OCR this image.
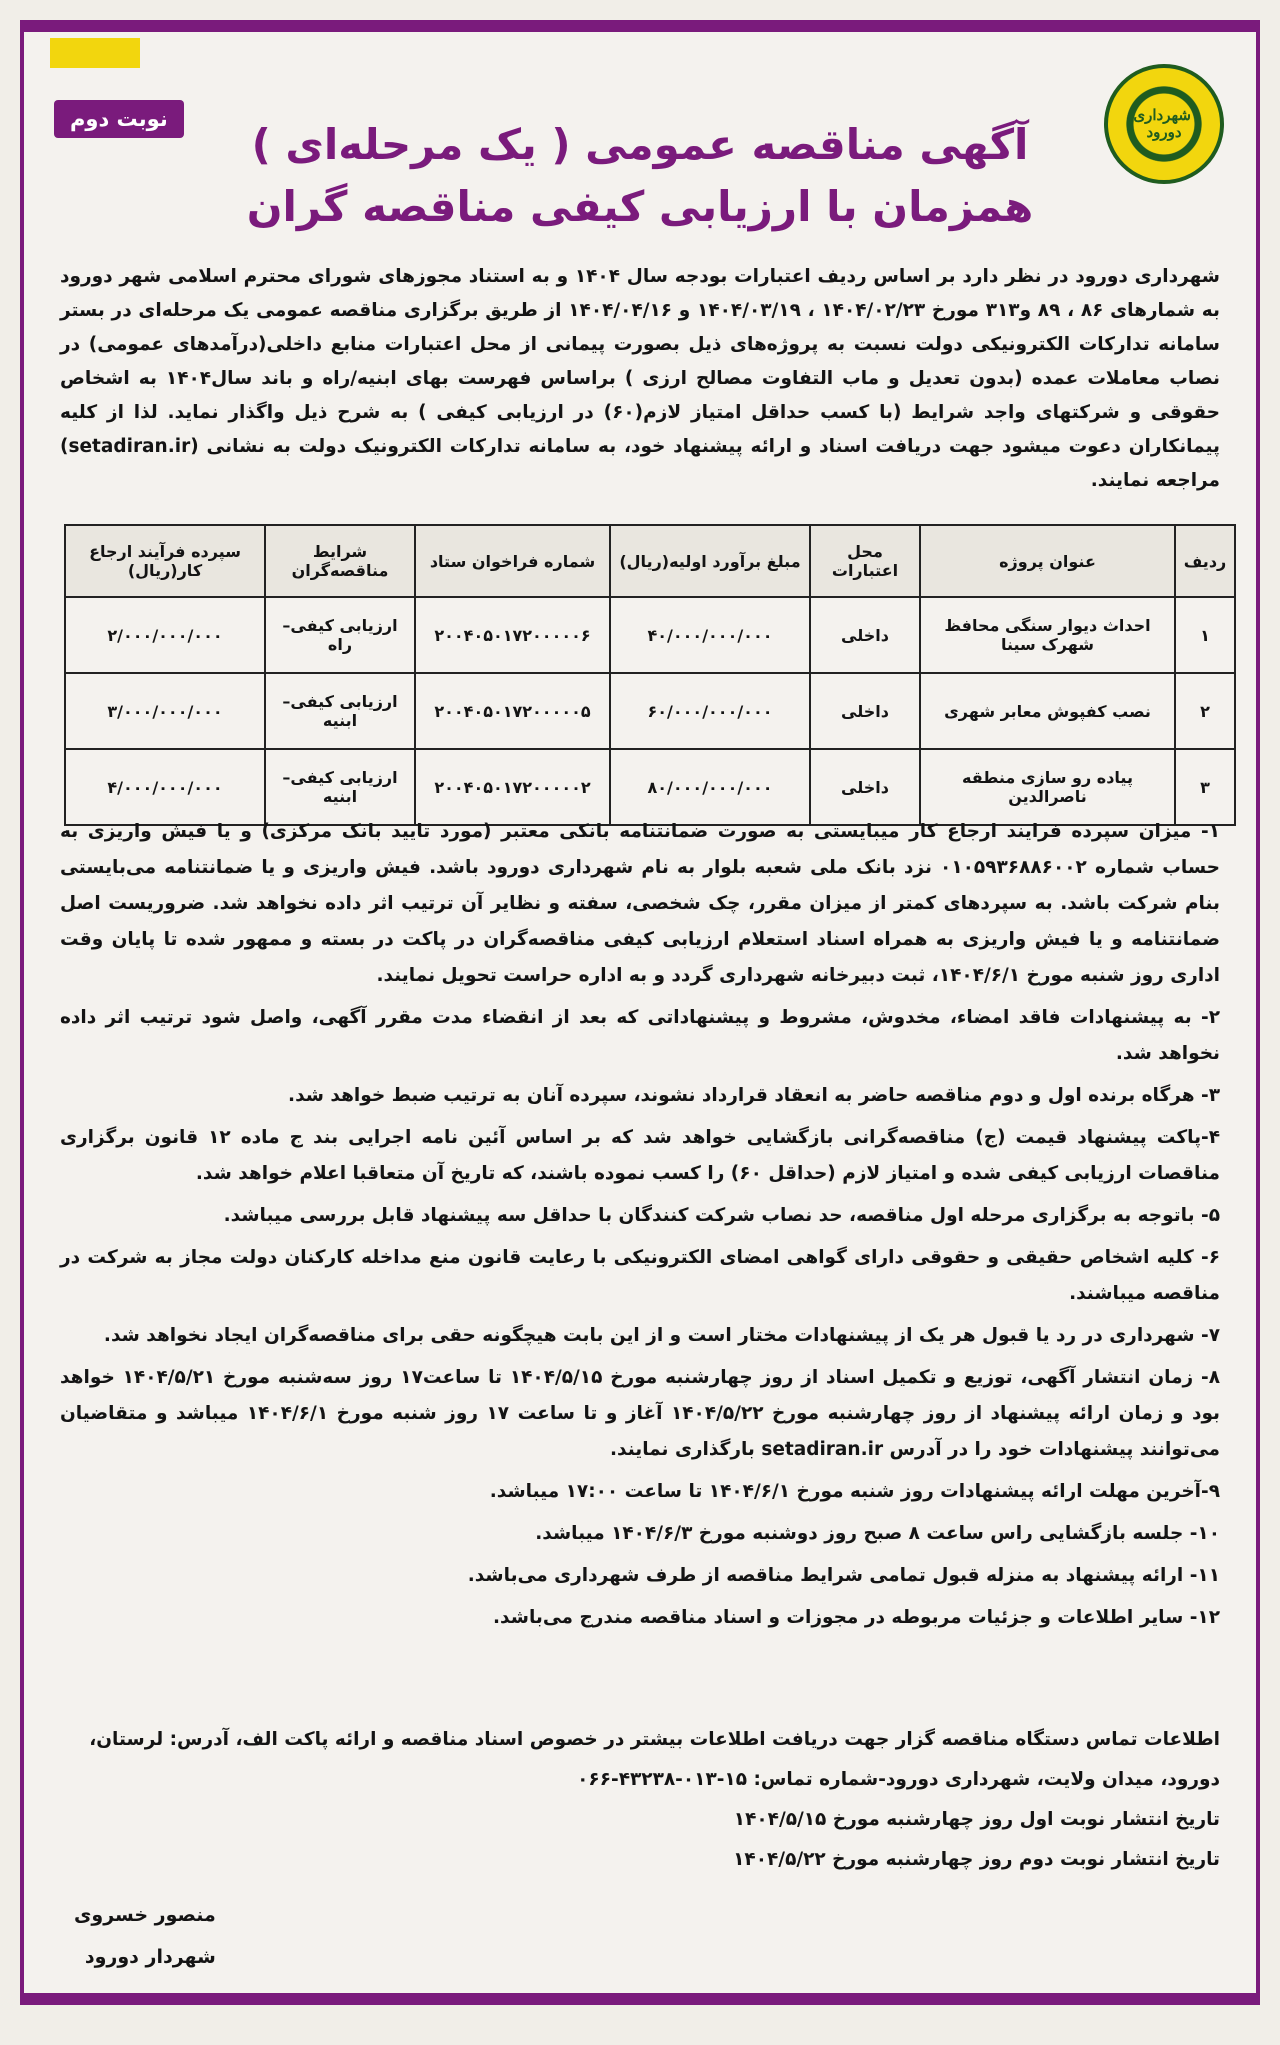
شهرداری دورود
نوبت دوم
آگهی مناقصه عمومی ( یک مرحله‌ای )
همزمان با ارزیابی کیفی مناقصه گران
شهرداری دورود در نظر دارد بر اساس ردیف اعتبارات بودجه سال ۱۴۰۴ و به استناد مجوزهای شورای محترم اسلامی شهر دورود به شمارهای ۸۶ ، ۸۹ و۳۱۳ مورخ ۱۴۰۴/۰۲/۲۳ ، ۱۴۰۴/۰۳/۱۹ و ۱۴۰۴/۰۴/۱۶ از طریق برگزاری مناقصه عمومی یک مرحله‌ای در بستر سامانه تدارکات الکترونیکی دولت نسبت به پروژه‌های ذیل بصورت پیمانی از محل اعتبارات منابع داخلی(درآمدهای عمومی) در نصاب معاملات عمده (بدون تعدیل و ماب التفاوت مصالح ارزی ) براساس فهرست بهای ابنیه/راه و باند سال۱۴۰۴ به اشخاص حقوقی و شرکتهای واجد شرایط (با کسب حداقل امتیاز لازم(۶۰) در ارزیابی کیفی ) به شرح ذیل واگذار نماید. لذا از کلیه پیمانکاران دعوت میشود جهت دریافت اسناد و ارائه پیشنهاد خود، به سامانه تدارکات الکترونیک دولت به نشانی (setadiran.ir) مراجعه نمایند.
ردیف	عنوان پروژه	محل اعتبارات	مبلغ برآورد اولیه(ریال)	شماره فراخوان ستاد	شرایط مناقصه‌گران	سپرده فرآیند ارجاع کار(ریال)
۱	احداث دیوار سنگی محافظ شهرک سینا	داخلی	۴۰/۰۰۰/۰۰۰/۰۰۰	۲۰۰۴۰۵۰۱۷۲۰۰۰۰۰۶	ارزیابی کیفی– راه	۲/۰۰۰/۰۰۰/۰۰۰
۲	نصب کفپوش معابر شهری	داخلی	۶۰/۰۰۰/۰۰۰/۰۰۰	۲۰۰۴۰۵۰۱۷۲۰۰۰۰۰۵	ارزیابی کیفی– ابنیه	۳/۰۰۰/۰۰۰/۰۰۰
۳	پیاده رو سازی منطقه ناصرالدین	داخلی	۸۰/۰۰۰/۰۰۰/۰۰۰	۲۰۰۴۰۵۰۱۷۲۰۰۰۰۰۲	ارزیابی کیفی– ابنیه	۴/۰۰۰/۰۰۰/۰۰۰

۱- میزان سپرده فرایند ارجاع کار میبایستی به صورت ضمانتنامه بانکی معتبر (مورد تایید بانک مرکزی) و یا فیش واریزی به حساب شماره ۰۱۰۵۹۳۶۸۸۶۰۰۲ نزد بانک ملی شعبه بلوار به نام شهرداری دورود باشد. فیش واریزی و یا ضمانتنامه می‌بایستی بنام شرکت باشد. به سپردهای کمتر از میزان مقرر، چک شخصی، سفته و نظایر آن ترتیب اثر داده نخواهد شد. ضروریست اصل ضمانتنامه و یا فیش واریزی به همراه اسناد استعلام ارزیابی کیفی مناقصه‌گران در پاکت در بسته و ممهور شده تا پایان وقت اداری روز شنبه مورخ ۱۴۰۴/۶/۱، ثبت دبیرخانه شهرداری گردد و به اداره حراست تحویل نمایند.

۲- به پیشنهادات فاقد امضاء، مخدوش، مشروط و پیشنهاداتی که بعد از انقضاء مدت مقرر آگهی، واصل شود ترتیب اثر داده نخواهد شد.

۳- هرگاه برنده اول و دوم مناقصه حاضر به انعقاد قرارداد نشوند، سپرده آنان به ترتیب ضبط خواهد شد.

۴-پاکت پیشنهاد قیمت (ج) مناقصه‌گرانی بازگشایی خواهد شد که بر اساس آئین نامه اجرایی بند ج ماده ۱۲ قانون برگزاری مناقصات ارزیابی کیفی شده و امتیاز لازم (حداقل ۶۰) را کسب نموده باشند، که تاریخ آن متعاقبا اعلام خواهد شد.

۵- باتوجه به برگزاری مرحله اول مناقصه، حد نصاب شرکت کنندگان با حداقل سه پیشنهاد قابل بررسی میباشد.

۶- کلیه اشخاص حقیقی و حقوقی دارای گواهی امضای الکترونیکی با رعایت قانون منع مداخله کارکنان دولت مجاز به شرکت در مناقصه میباشند.

۷- شهرداری در رد یا قبول هر یک از پیشنهادات مختار است و از این بابت هیچگونه حقی برای مناقصه‌گران ایجاد نخواهد شد.

۸- زمان انتشار آگهی، توزیع و تکمیل اسناد از روز چهارشنبه مورخ ۱۴۰۴/۵/۱۵ تا ساعت۱۷ روز سه‌شنبه مورخ ۱۴۰۴/۵/۲۱ خواهد بود و زمان ارائه پیشنهاد از روز چهارشنبه مورخ ۱۴۰۴/۵/۲۲ آغاز و تا ساعت ۱۷ روز شنبه مورخ ۱۴۰۴/۶/۱ میباشد و متقاضیان می‌توانند پیشنهادات خود را در آدرس setadiran.ir بارگذاری نمایند.

۹-آخرین مهلت ارائه پیشنهادات روز شنبه مورخ ۱۴۰۴/۶/۱ تا ساعت ۱۷:۰۰ میباشد.

۱۰- جلسه بازگشایی راس ساعت ۸ صبح روز دوشنبه مورخ ۱۴۰۴/۶/۳ میباشد.

۱۱- ارائه پیشنهاد به منزله قبول تمامی شرایط مناقصه از طرف شهرداری می‌باشد.

۱۲- سایر اطلاعات و جزئیات مربوطه در مجوزات و اسناد مناقصه مندرج می‌باشد.

اطلاعات تماس دستگاه مناقصه گزار جهت دریافت اطلاعات بیشتر در خصوص اسناد مناقصه و ارائه پاکت الف، آدرس: لرستان، دورود، میدان ولایت، شهرداری دورود-شماره تماس: ۱۵-۰۱۳-۴۳۲۳۸-۰۶۶

تاریخ انتشار نوبت اول روز چهارشنبه مورخ ۱۴۰۴/۵/۱۵

تاریخ انتشار نوبت دوم روز چهارشنبه مورخ ۱۴۰۴/۵/۲۲

منصور خسروی
شهردار دورود
